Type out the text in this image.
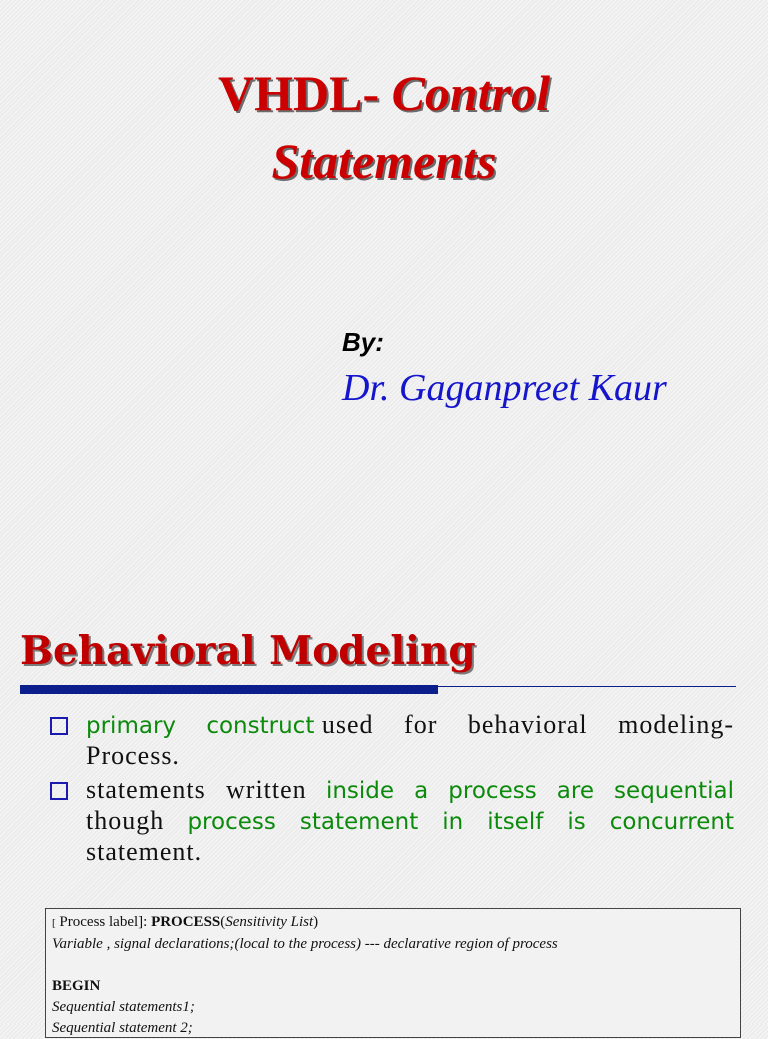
VHDL- Control
Statements
By:
Dr. Gaganpreet Kaur
Behavioral Modeling
primary construct used for behavioral modeling- Process.
statements written inside a process are sequential though process statement in itself is concurrent statement.
[ Process label]: PROCESS(Sensitivity List)
Variable , signal declarations;(local to the process) --- declarative region of process
BEGIN
Sequential statements1;
Sequential statement 2;
